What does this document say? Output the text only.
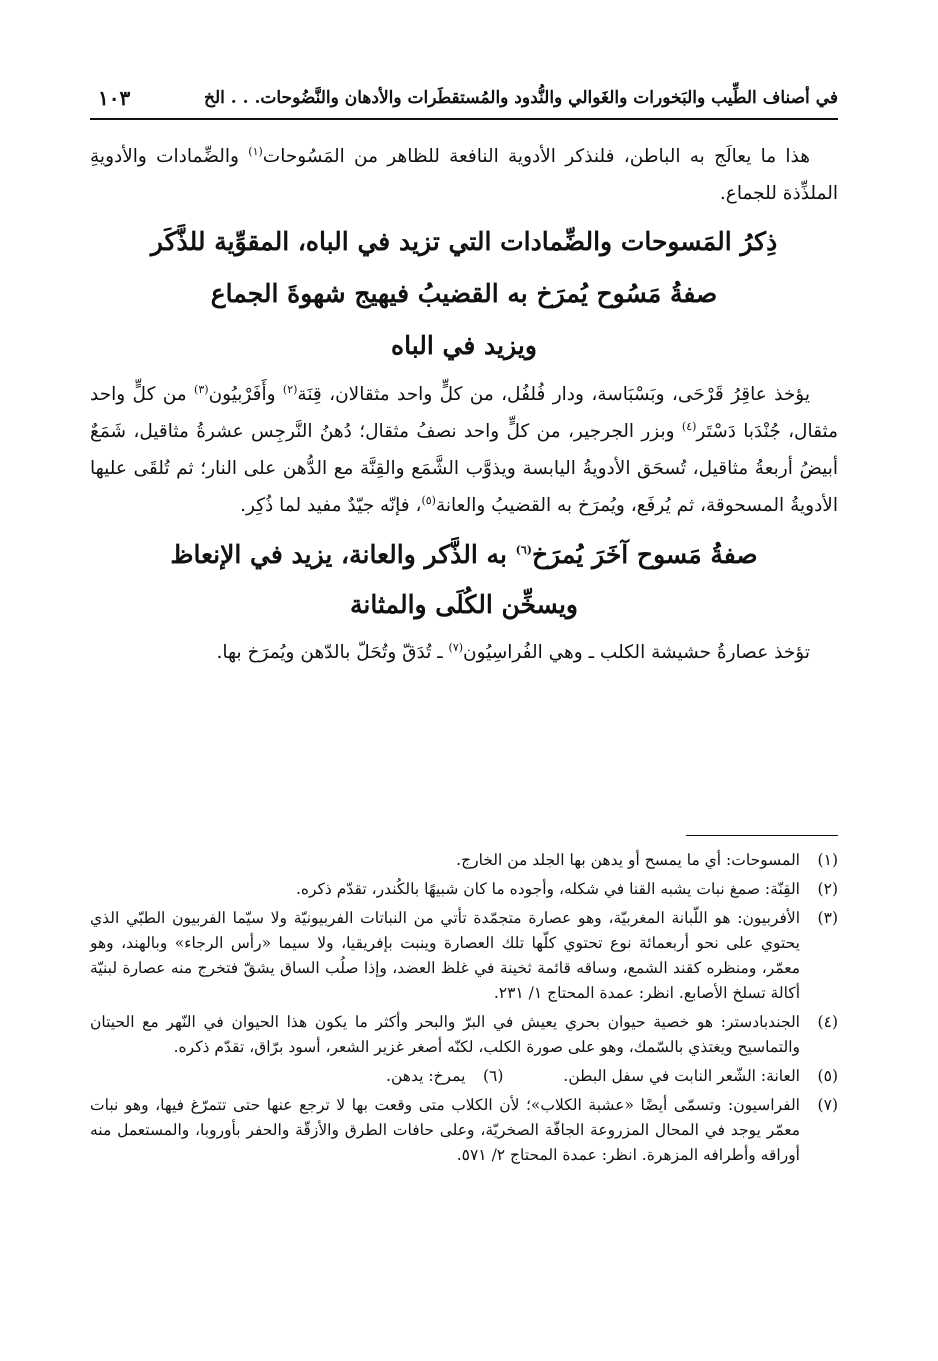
في أصناف الطِّيب والبَخورات والغَوالي والنُّدود والمُستقطَرات والأدهان والنَّضُوحات. . . الخ
١٠٣

هذا ما يعالَج به الباطن، فلنذكر الأدوية النافعة للظاهر من المَسُوحات$^{(١)}$ والضِّمادات والأدويةِ الملذِّذة للجماع.

ذِكرُ المَسوحات والضِّمادات التي تزيد في الباه، المقوِّية للذَّكَر
صفةُ مَسُوح يُمرَخ به القضيبُ فيهيج شهوةَ الجماع
ويزيد في الباه

يؤخذ عاقِرُ قَرْحَى، وبَسْبَاسة، ودار فُلفُل، من كلٍّ واحد مثقالان، قِنَة$^{(٢)}$ وأَفَرْبيُون$^{(٣)}$ من كلٍّ واحد مثقال، جُنْدَبا دَسْتَر$^{(٤)}$ وبزر الجرجير، من كلٍّ واحد نصفُ مثقال؛ دُهنُ النَّرجِس عشرةُ مثاقيل، شَمَعٌ أبيضُ أربعةُ مثاقيل، تُسحَق الأدويةُ اليابسة ويذوَّب الشَّمَع والقِنَّة مع الدُّهن على النار؛ ثم تُلقَى عليها الأدويةُ المسحوقة، ثم يُرفَع، ويُمرَخ به القضيبُ والعانة$^{(٥)}$، فإنّه جيّدٌ مفيد لما ذُكِر.

صفةُ مَسوح آخَرَ يُمرَخ$^{(٦)}$ به الذَّكر والعانة، يزيد في الإنعاظ
ويسخِّن الكُلَى والمثانة

تؤخذ عصارةُ حشيشة الكلب ـ وهي الفُراسِيُون$^{(٧)}$ ـ تُدَقّ وتُحَلّ بالدّهن ويُمرَخ بها.

(١)
المسوحات: أي ما يمسح أو يدهن بها الجلد من الخارج.
(٢)
القِنّة: صمغ نبات يشبه القنا في شكله، وأجوده ما كان شبيهًا بالكُندر، تقدّم ذكره.
(٣)
الأفربيون: هو اللّبانة المغربيّة، وهو عصارة متجمّدة تأتي من النباتات الفربيونيّة ولا سيّما الفربيون الطبّي الذي يحتوي على نحو أربعمائة نوع تحتوي كلّها تلك العصارة وينبت بإفريقيا، ولا سيما «رأس الرجاء» وبالهند، وهو معمّر، ومنظره كقند الشمع، وساقه قائمة ثخينة في غلظ العضد، وإذا صلُب الساق يشقّ فتخرج منه عصارة لبنيّة أكالة تسلخ الأصابع. انظر: عمدة المحتاج ١/ ٢٣١.
(٤)
الجندبادستر: هو خصية حيوان بحري يعيش في البرّ والبحر وأكثر ما يكون هذا الحيوان في النّهر مع الحيتان والتماسيح ويغتذي بالسّمك، وهو على صورة الكلب، لكنّه أصغر غزير الشعر، أسود برّاق، تقدّم ذكره.
(٥)
العانة: الشّعر النابت في سفل البطن.
(٦)
يمرخ: يدهن.
(٧)
الفراسيون: وتسمّى أيضًا «عشبة الكلاب»؛ لأن الكلاب متى وقعت بها لا ترجع عنها حتى تتمرّغ فيها، وهو نبات معمّر يوجد في المحال المزروعة الجافّة الصخريّة، وعلى حافات الطرق والأزقّة والحفر بأوروبا، والمستعمل منه أوراقه وأطرافه المزهرة. انظر: عمدة المحتاج ٢/ ٥٧١.
